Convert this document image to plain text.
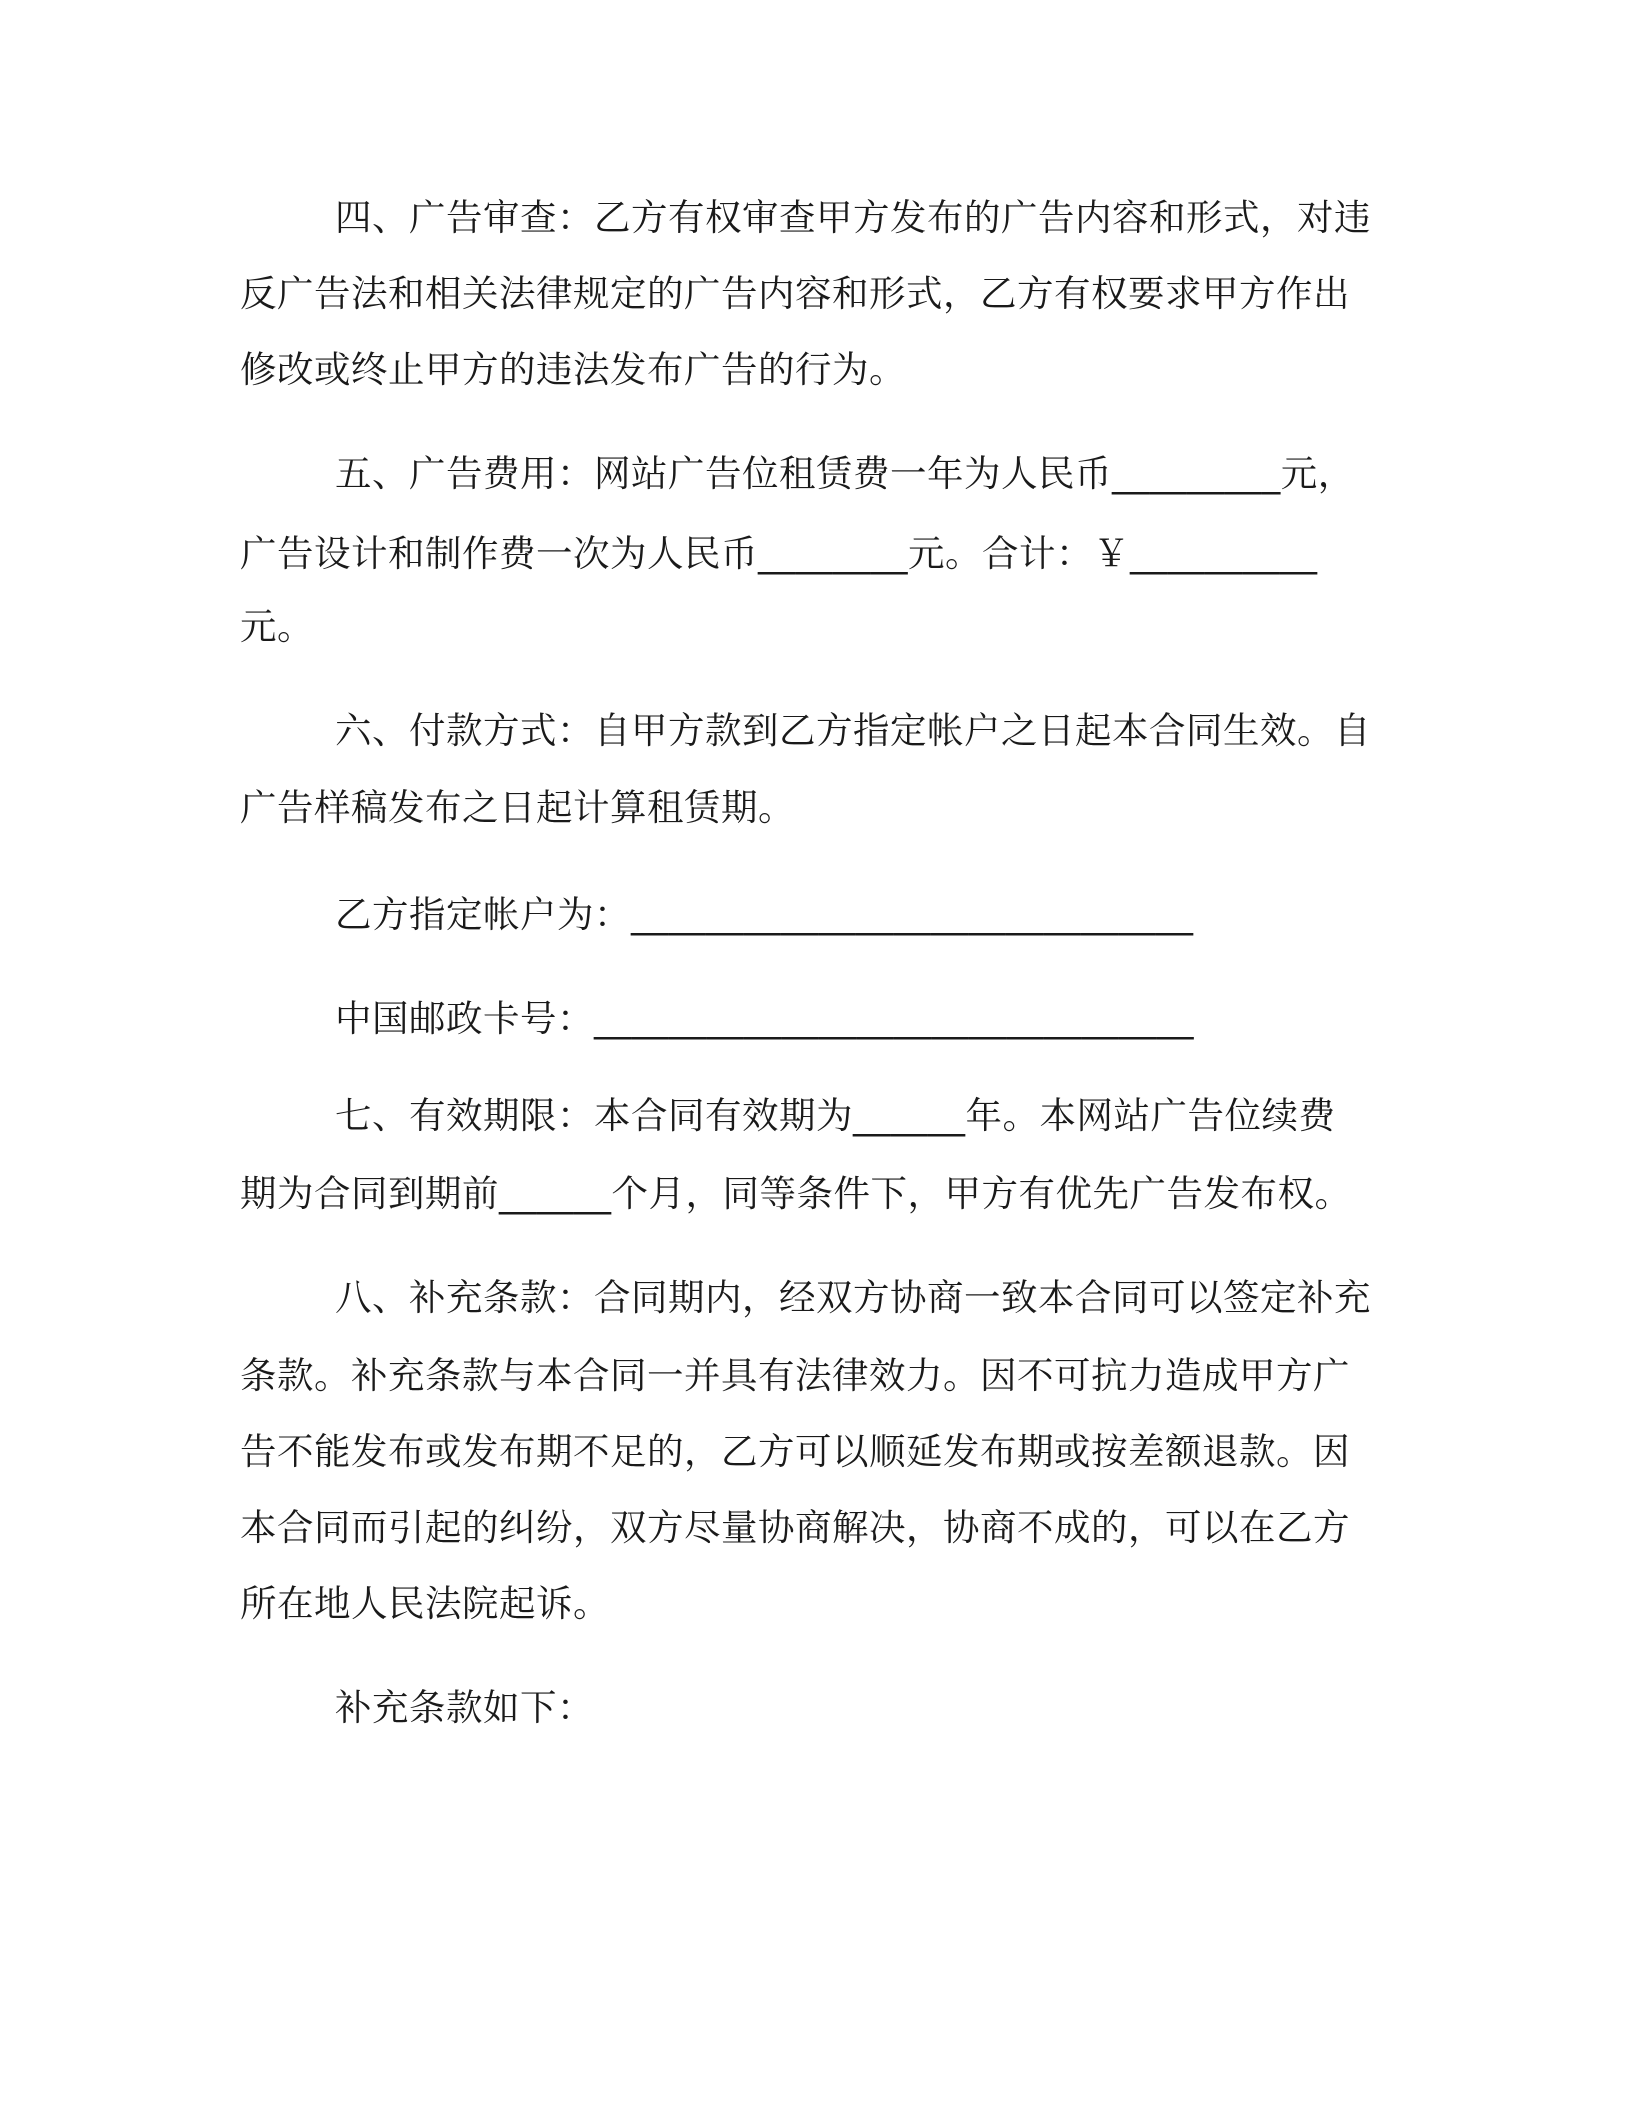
四、广告审查：乙方有权审查甲方发布的广告内容和形式，对违
反广告法和相关法律规定的广告内容和形式，乙方有权要求甲方作出
修改或终止甲方的违法发布广告的行为。
五、广告费用：网站广告位租赁费一年为人民币_________元，
广告设计和制作费一次为人民币________元。合计：￥__________
元。
六、付款方式：自甲方款到乙方指定帐户之日起本合同生效。自
广告样稿发布之日起计算租赁期。
乙方指定帐户为：______________________________
中国邮政卡号：________________________________
七、有效期限：本合同有效期为______年。本网站广告位续费
期为合同到期前______个月，同等条件下，甲方有优先广告发布权。
八、补充条款：合同期内，经双方协商一致本合同可以签定补充
条款。补充条款与本合同一并具有法律效力。因不可抗力造成甲方广
告不能发布或发布期不足的，乙方可以顺延发布期或按差额退款。因
本合同而引起的纠纷，双方尽量协商解决，协商不成的，可以在乙方
所在地人民法院起诉。
补充条款如下：
